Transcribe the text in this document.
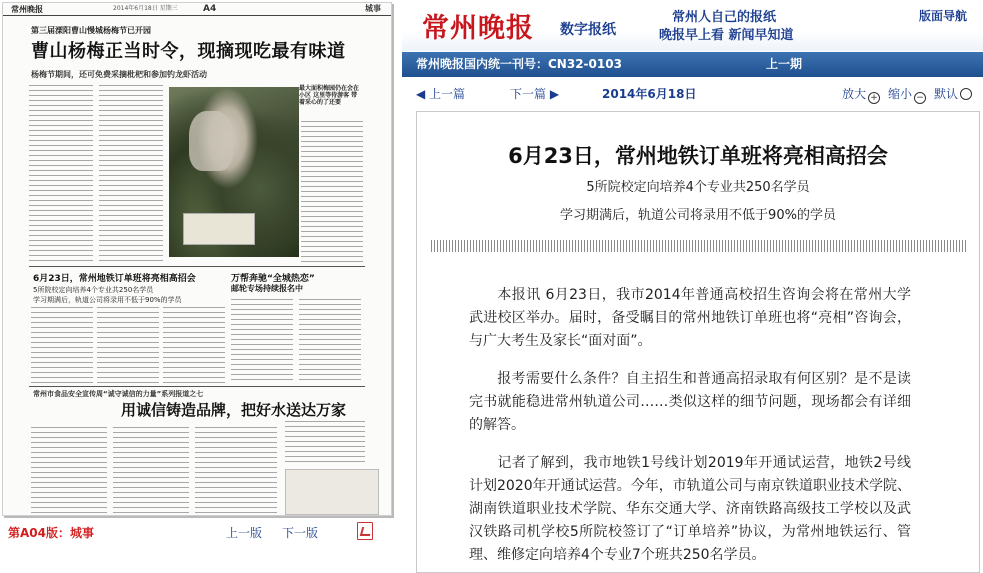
常州晚报	2014年6月18日 星期三	A4	城事
第三届溧阳曹山慢城杨梅节已开园
曹山杨梅正当时令，现摘现吃最有味道
杨梅节期间，还可免费采摘枇杷和参加钓龙虾活动
最大面积梅园仍在会在小区 这里等待游客 带着采心的了还要
6月23日，常州地铁订单班将亮相高招会
5所院校定向培养4个专业共250名学员
学习期满后，轨道公司将录用不低于90%的学员
万帮奔驰“全城热恋”
邮轮专场持续报名中
常州市食品安全宣传周“诚守诚信的力量”系列报道之七
用诚信铸造品牌，把好水送达万家
第A04版：城事	上一版 下一版
常州晚报 数字报纸
常州人自己的报纸
晚报早上看 新闻早知道
版面导航
常州晚报国内统一刊号：CN32-0103	上一期
◀ 上一篇	下一篇 ▶	2014年6月18日	放大 + 缩小 − 默认
6月23日，常州地铁订单班将亮相高招会
5所院校定向培养4个专业共250名学员
学习期满后，轨道公司将录用不低于90%的学员
本报讯 6月23日，我市2014年普通高校招生咨询会将在常州大学武进校区举办。届时，备受瞩目的常州地铁订单班也将“亮相”咨询会，与广大考生及家长“面对面”。
报考需要什么条件？自主招生和普通高招录取有何区别？是不是读完书就能稳进常州轨道公司……类似这样的细节问题，现场都会有详细的解答。
记者了解到，我市地铁1号线计划2019年开通试运营，地铁2号线计划2020年开通试运营。今年，市轨道公司与南京铁道职业技术学院、湖南铁道职业技术学院、华东交通大学、济南铁路高级技工学校以及武汉铁路司机学校5所院校签订了“订单培养”协议，为常州地铁运行、管理、维修定向培养4个专业7个班共250名学员。
